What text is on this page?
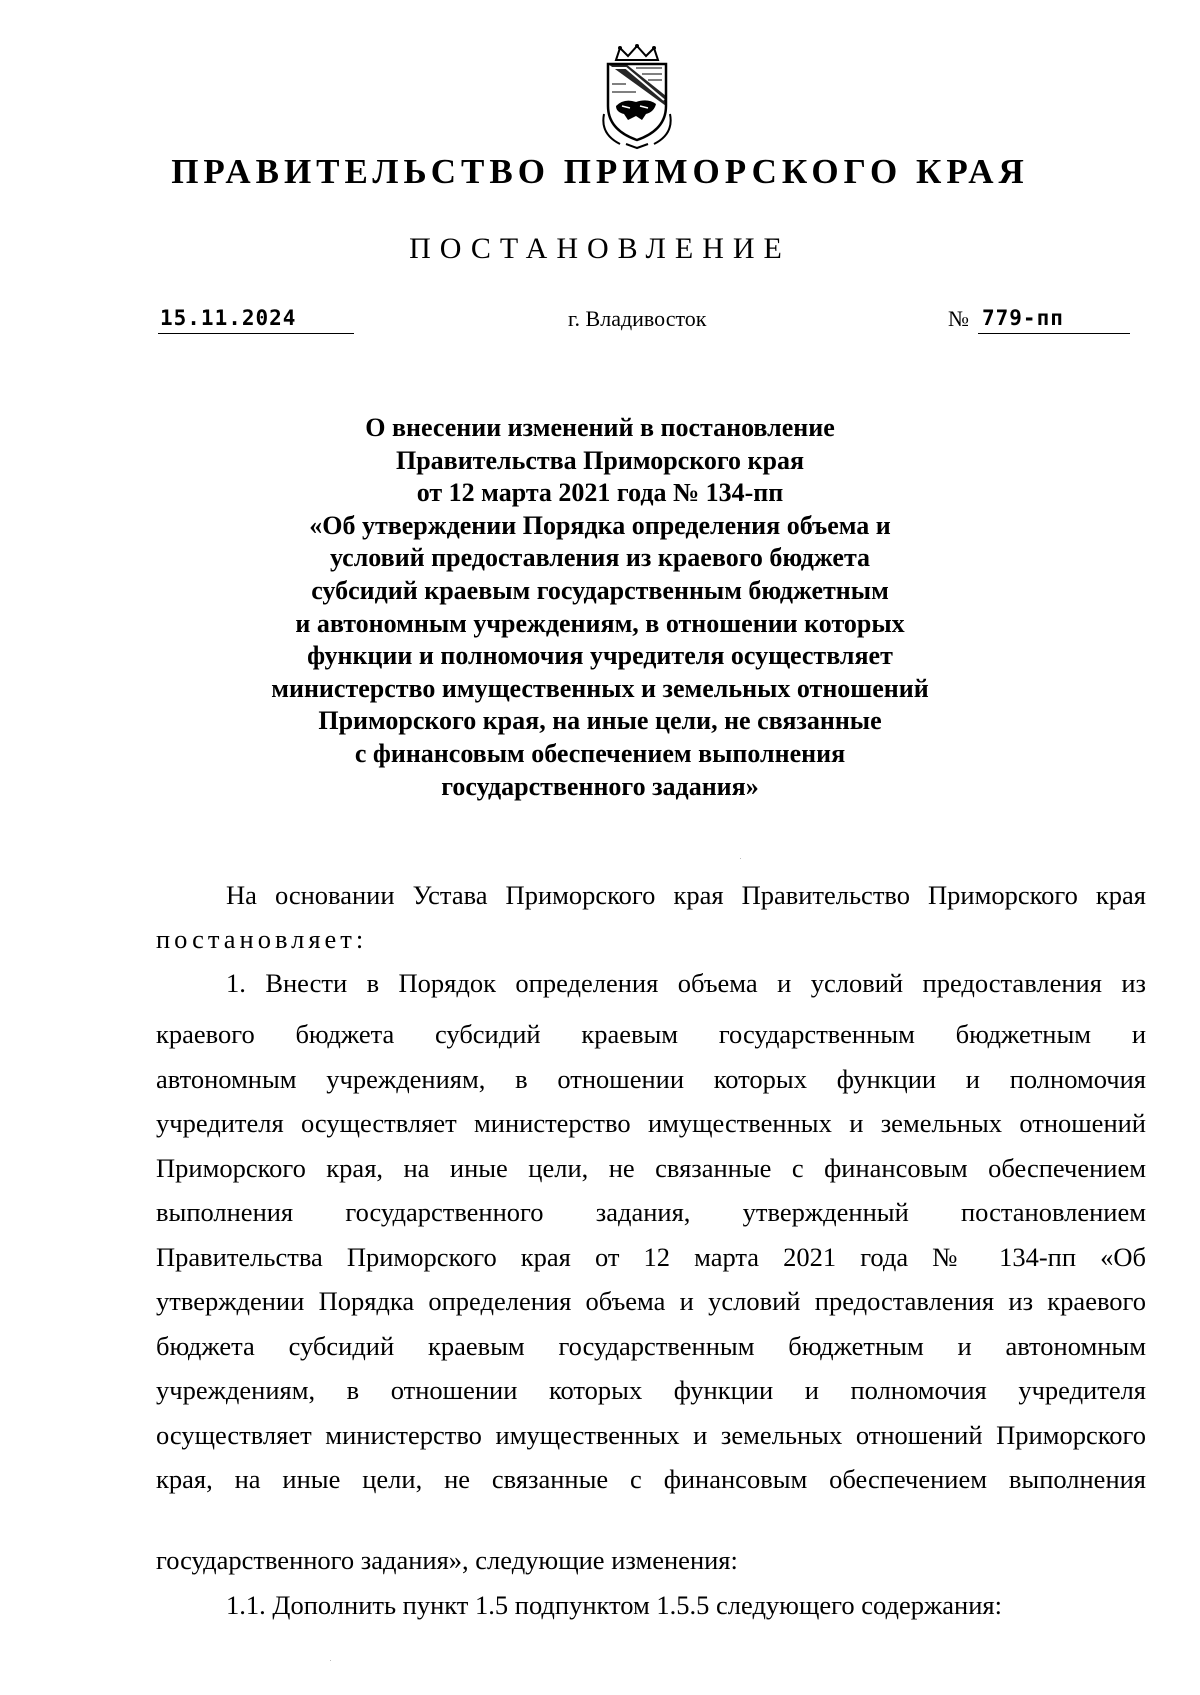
ПРАВИТЕЛЬСТВО ПРИМОРСКОГО КРАЯ
ПОСТАНОВЛЕНИЕ
15.11.2024	г. Владивосток	№ 779-пп
О внесении изменений в постановление
Правительства Приморского края
от 12 марта 2021 года № 134-пп
«Об утверждении Порядка определения объема и
условий предоставления из краевого бюджета
субсидий краевым государственным бюджетным
и автономным учреждениям, в отношении которых
функции и полномочия учредителя осуществляет
министерство имущественных и земельных отношений
Приморского края, на иные цели, не связанные
с финансовым обеспечением выполнения
государственного задания»
На основании Устава Приморского края Правительство Приморского края
постановляет:
1. Внести в Порядок определения объема и условий предоставления из
краевого бюджета субсидий краевым государственным бюджетным и
автономным учреждениям, в отношении которых функции и полномочия
учредителя осуществляет министерство имущественных и земельных отношений
Приморского края, на иные цели, не связанные с финансовым обеспечением
выполнения государственного задания, утвержденный постановлением
Правительства Приморского края от 12 марта 2021 года № 134-пп «Об
утверждении Порядка определения объема и условий предоставления из краевого
бюджета субсидий краевым государственным бюджетным и автономным
учреждениям, в отношении которых функции и полномочия учредителя
осуществляет министерство имущественных и земельных отношений Приморского
края, на иные цели, не связанные с финансовым обеспечением выполнения
государственного задания», следующие изменения:
1.1. Дополнить пункт 1.5 подпунктом 1.5.5 следующего содержания:
